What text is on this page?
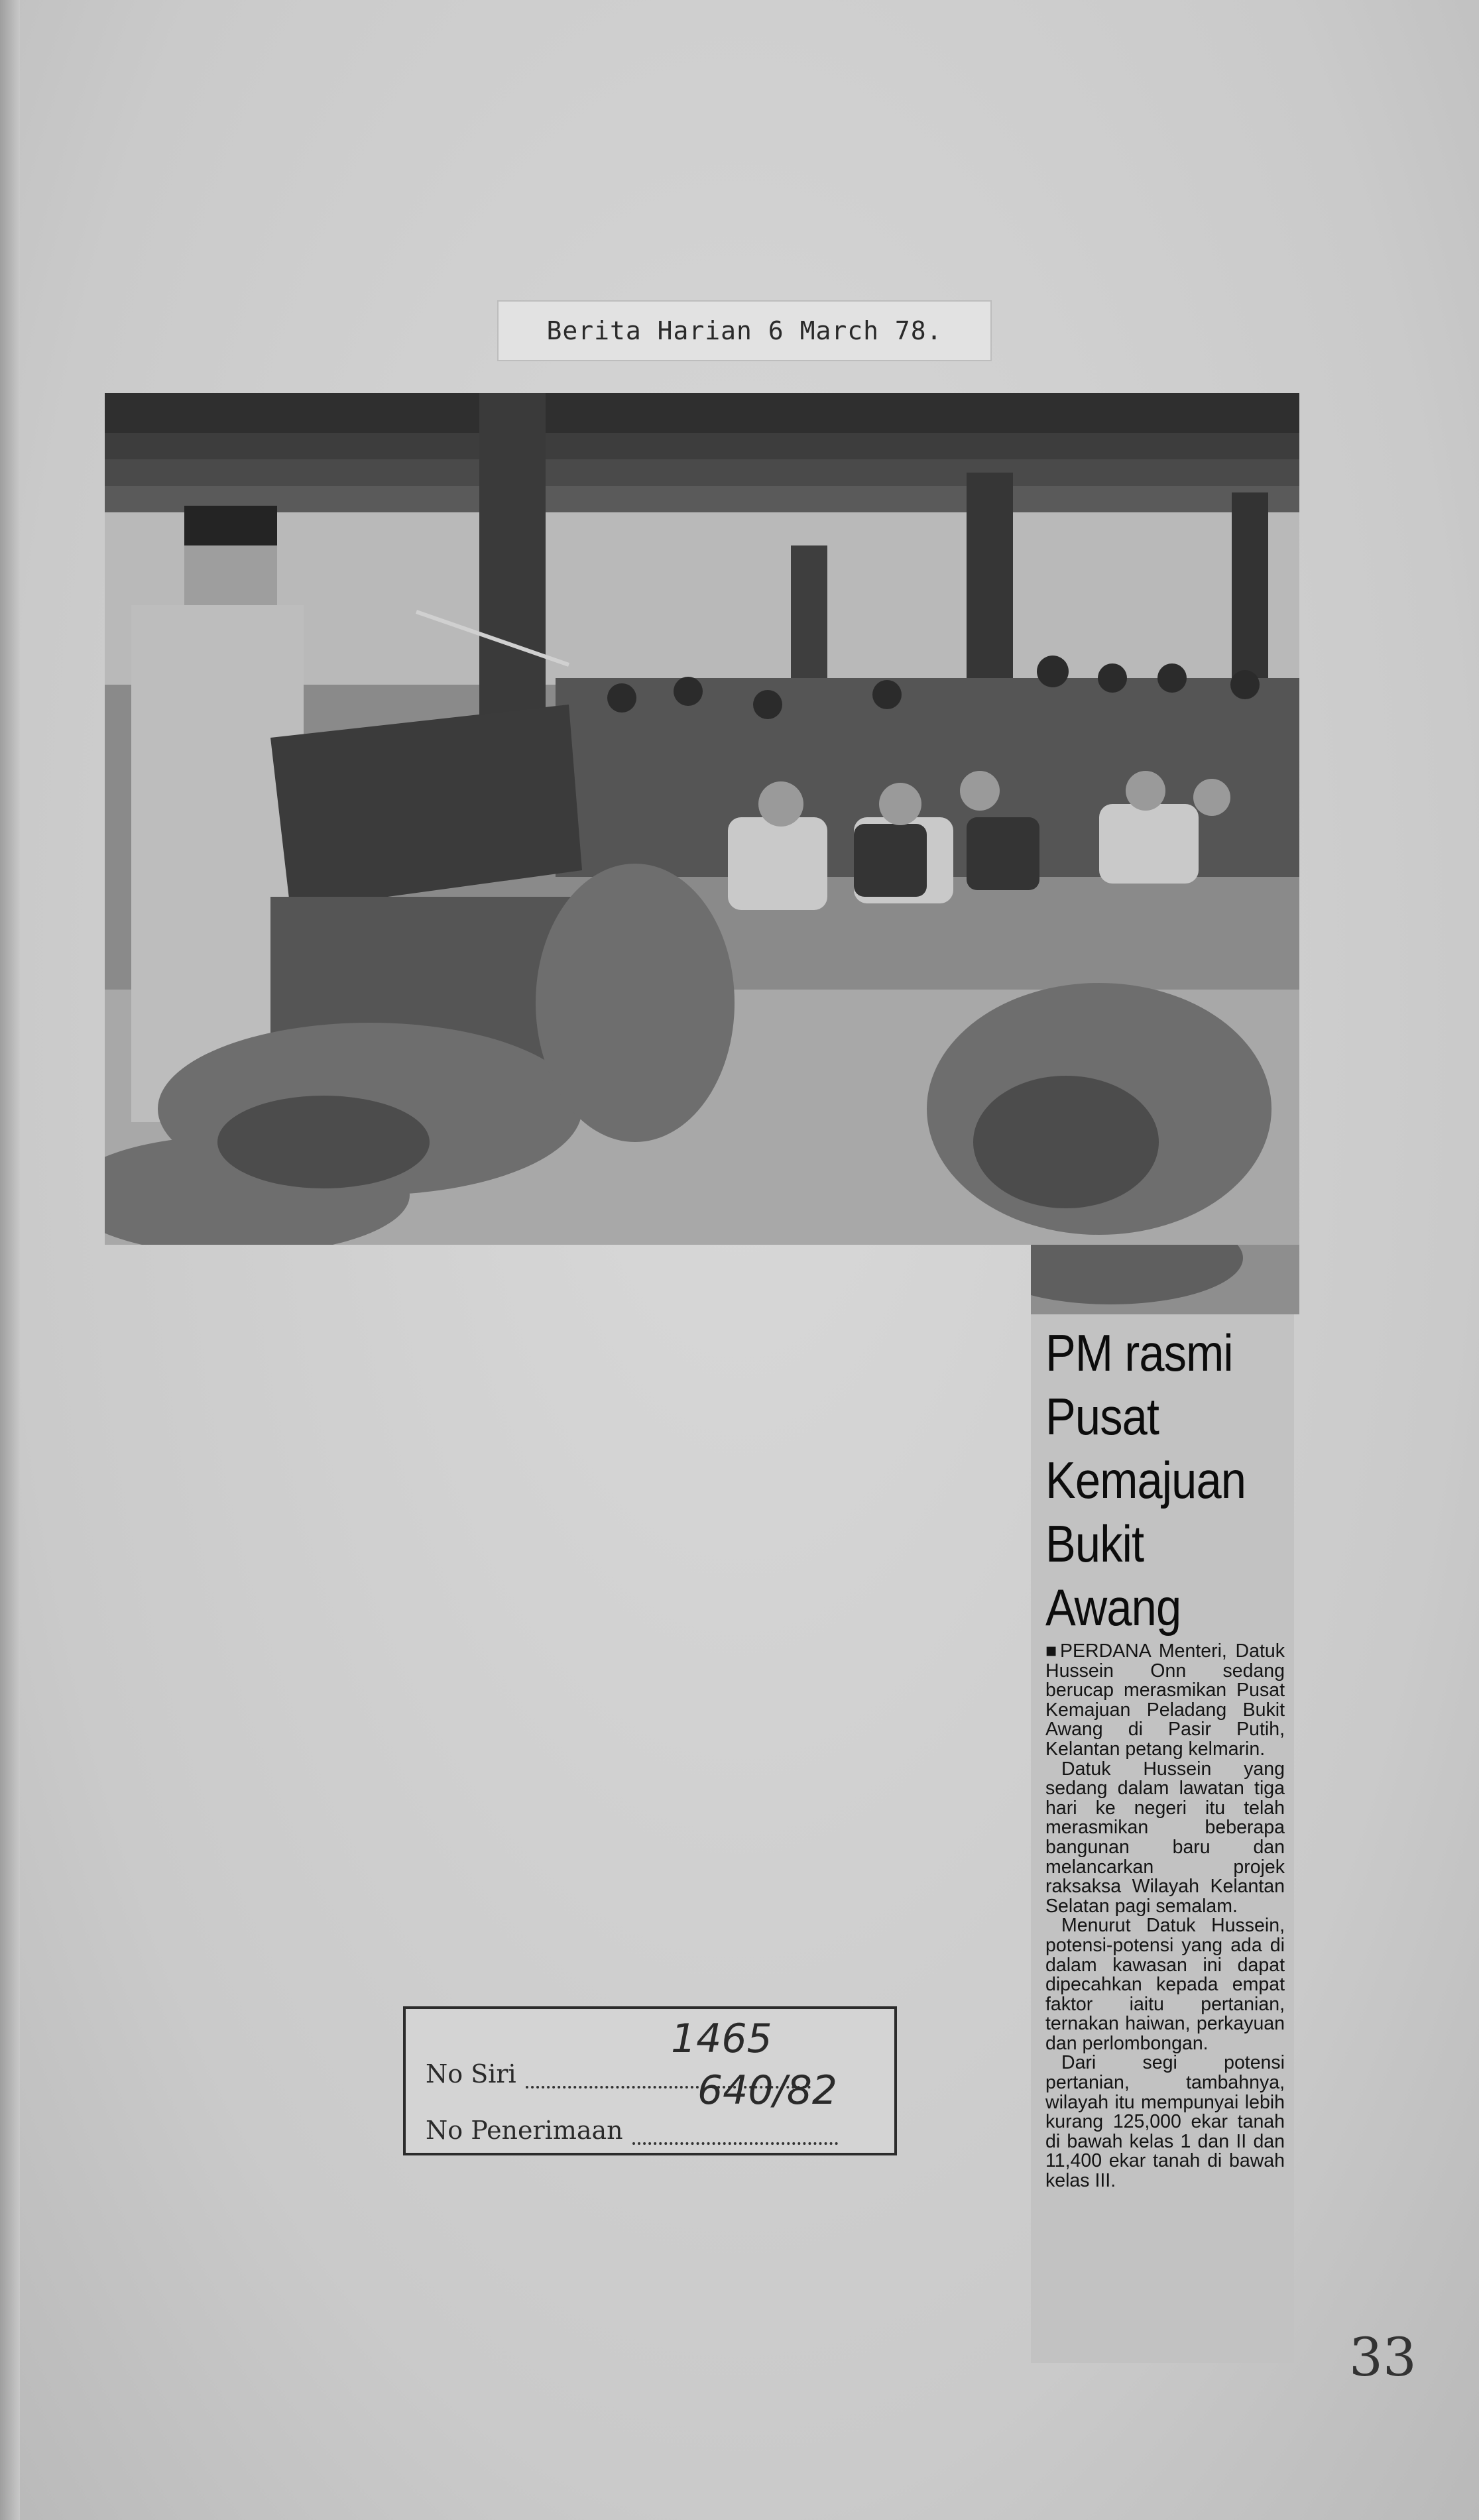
Berita Harian 6 March 78.
PM rasmi
Pusat
Kemajuan
Bukit
Awang

■PERDANA Menteri, Datuk Hussein Onn sedang berucap merasmikan Pusat Kemajuan Peladang Bukit Awang di Pasir Putih, Kelantan petang kelmarin.

Datuk Hussein yang sedang dalam lawatan tiga hari ke negeri itu telah merasmikan beberapa bangunan baru dan melancarkan projek raksaksa Wilayah Kelantan Selatan pagi semalam.

Menurut Datuk Hussein, potensi-potensi yang ada di dalam kawasan ini dapat dipecahkan kepada empat faktor iaitu pertanian, ternakan haiwan, perkayuan dan perlombongan.

Dari segi potensi pertanian, tambahnya, wilayah itu mempunyai lebih kurang 125,000 ekar tanah di bawah kelas 1 dan II dan 11,400 ekar tanah di bawah kelas III.

No Siri
No Penerimaan
1465
640/82
33
